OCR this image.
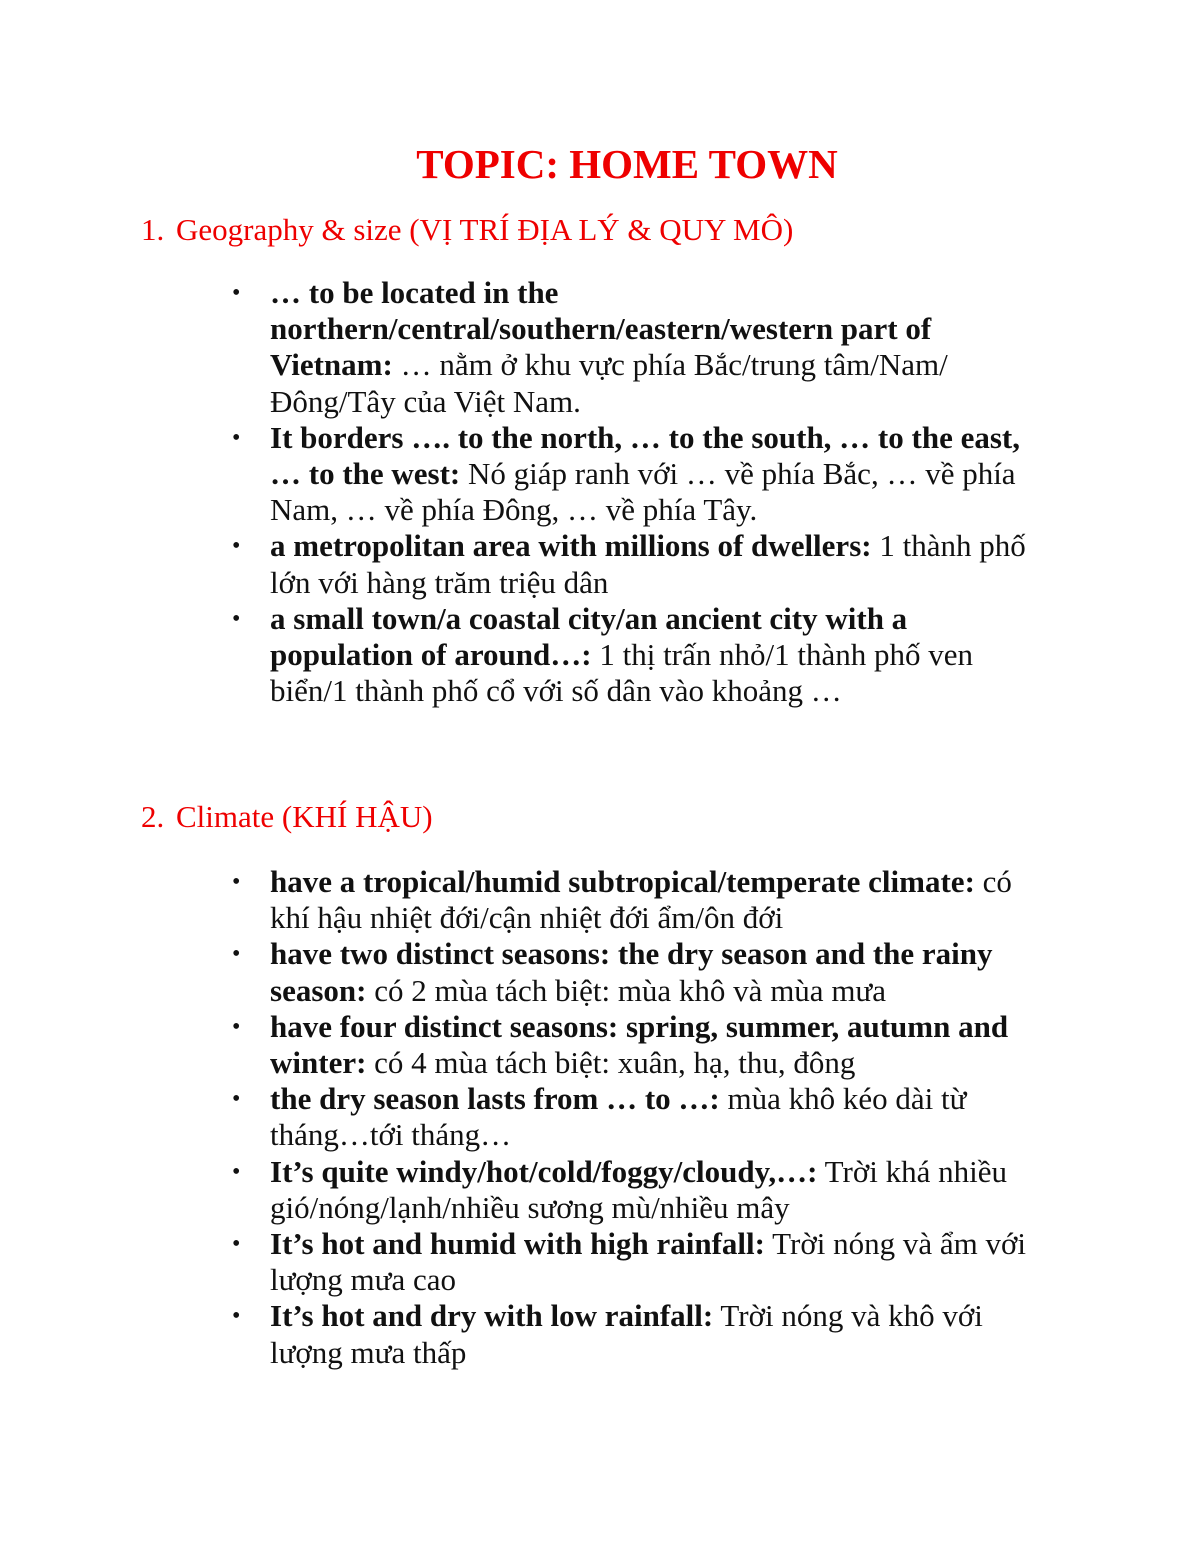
TOPIC: HOME TOWN
1. Geography & size (VỊ TRÍ ĐỊA LÝ & QUY MÔ)
• … to be located in the northern/central/southern/eastern/western part of Vietnam: … nằm ở khu vực phía Bắc/trung tâm/Nam/Đông/Tây của Việt Nam.
• It borders …. to the north, … to the south, … to the east, … to the west: Nó giáp ranh với … về phía Bắc, … về phía Nam, … về phía Đông, … về phía Tây.
• a metropolitan area with millions of dwellers: 1 thành phố lớn với hàng trăm triệu dân
• a small town/a coastal city/an ancient city with a population of around…: 1 thị trấn nhỏ/1 thành phố ven biển/1 thành phố cổ với số dân vào khoảng …
2. Climate (KHÍ HẬU)
• have a tropical/humid subtropical/temperate climate: có khí hậu nhiệt đới/cận nhiệt đới ẩm/ôn đới
• have two distinct seasons: the dry season and the rainy season: có 2 mùa tách biệt: mùa khô và mùa mưa
• have four distinct seasons: spring, summer, autumn and winter: có 4 mùa tách biệt: xuân, hạ, thu, đông
• the dry season lasts from … to …: mùa khô kéo dài từ tháng…tới tháng…
• It’s quite windy/hot/cold/foggy/cloudy,…: Trời khá nhiều gió/nóng/lạnh/nhiều sương mù/nhiều mây
• It’s hot and humid with high rainfall: Trời nóng và ẩm với lượng mưa cao
• It’s hot and dry with low rainfall: Trời nóng và khô với lượng mưa thấp
